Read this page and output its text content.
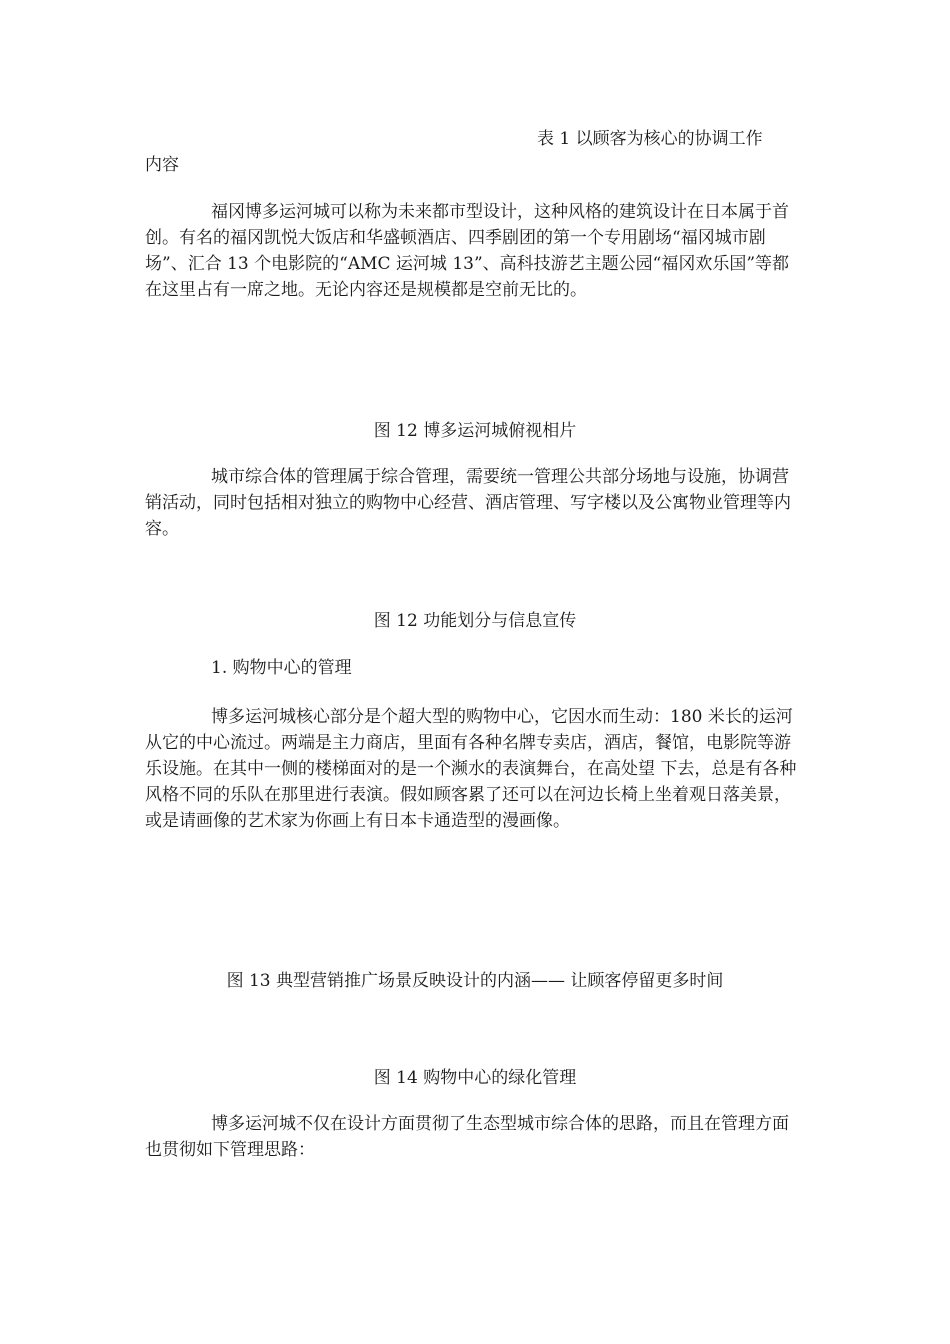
表 1 以顾客为核心的协调工作

内容

福冈博多运河城可以称为未来都市型设计，这种风格的建筑设计在日本属于首创。有名的福冈凯悦大饭店和华盛顿酒店、四季剧团的第一个专用剧场“福冈城市剧场”、汇合 13 个电影院的“AMC 运河城 13”、高科技游艺主题公园“福冈欢乐国”等都在这里占有一席之地。无论内容还是规模都是空前无比的。

图 12 博多运河城俯视相片

城市综合体的管理属于综合管理，需要统一管理公共部分场地与设施，协调营销活动，同时包括相对独立的购物中心经营、酒店管理、写字楼以及公寓物业管理等内容。

图 12 功能划分与信息宣传

1. 购物中心的管理

博多运河城核心部分是个超大型的购物中心，它因水而生动：180 米长的运河从它的中心流过。两端是主力商店，里面有各种名牌专卖店，酒店，餐馆，电影院等游乐设施。在其中一侧的楼梯面对的是一个濒水的表演舞台，在高处望 下去，总是有各种风格不同的乐队在那里进行表演。假如顾客累了还可以在河边长椅上坐着观日落美景，或是请画像的艺术家为你画上有日本卡通造型的漫画像。

图 13 典型营销推广场景反映设计的内涵—— 让顾客停留更多时间

图 14 购物中心的绿化管理

博多运河城不仅在设计方面贯彻了生态型城市综合体的思路，而且在管理方面也贯彻如下管理思路：
